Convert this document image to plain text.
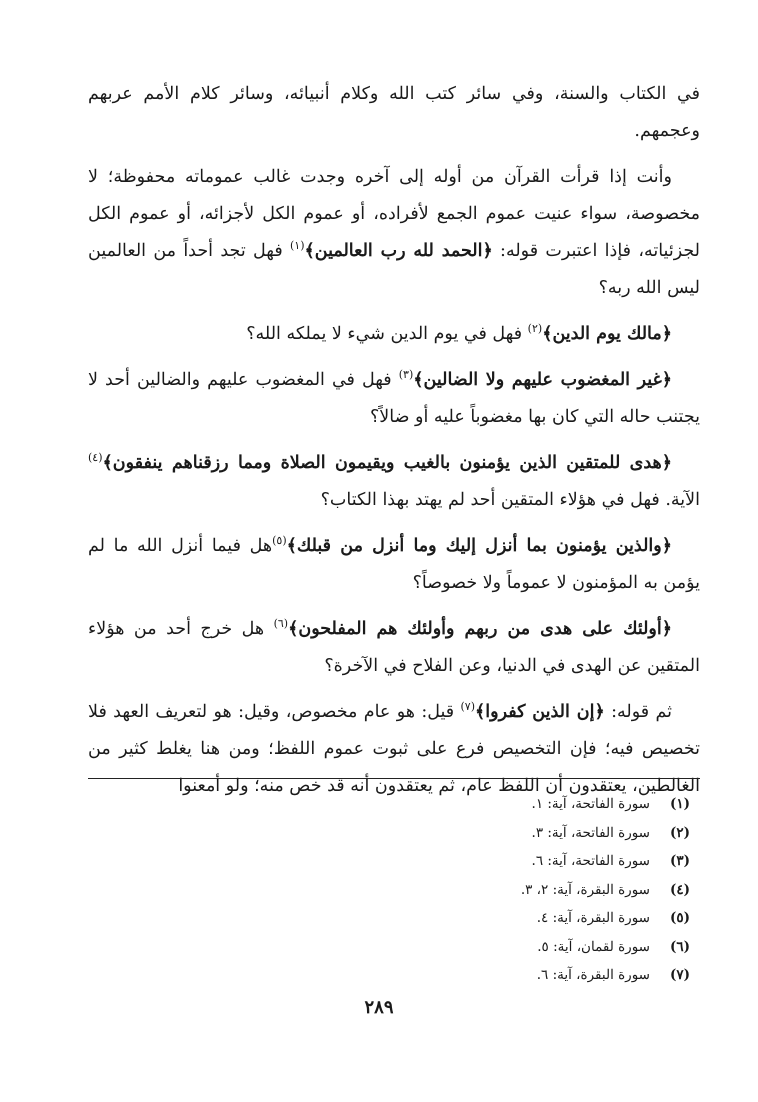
في الكتاب والسنة، وفي سائر كتب الله وكلام أنبيائه، وسائر كلام الأمم عربهم وعجمهم.

وأنت إذا قرأت القرآن من أوله إلى آخره وجدت غالب عموماته محفوظة؛ لا مخصوصة، سواء عنيت عموم الجمع لأفراده، أو عموم الكل لأجزائه، أو عموم الكل لجزئياته، فإذا اعتبرت قوله: ﴿الحمد لله رب العالمين﴾$^{(١)}$ فهل تجد أحداً من العالمين ليس الله ربه؟

﴿مالك يوم الدين﴾$^{(٢)}$ فهل في يوم الدين شيء لا يملكه الله؟

﴿غير المغضوب عليهم ولا الضالين﴾$^{(٣)}$ فهل في المغضوب عليهم والضالين أحد لا يجتنب حاله التي كان بها مغضوباً عليه أو ضالاً؟

﴿هدى للمتقين الذين يؤمنون بالغيب ويقيمون الصلاة ومما رزقناهم ينفقون﴾$^{(٤)}$ الآية. فهل في هؤلاء المتقين أحد لم يهتد بهذا الكتاب؟

﴿والذين يؤمنون بما أنزل إليك وما أنزل من قبلك﴾$^{(٥)}$هل فيما أنزل الله ما لم يؤمن به المؤمنون لا عموماً ولا خصوصاً؟

﴿أولئك على هدى من ربهم وأولئك هم المفلحون﴾$^{(٦)}$ هل خرج أحد من هؤلاء المتقين عن الهدى في الدنيا، وعن الفلاح في الآخرة؟

ثم قوله: ﴿إن الذين كفروا﴾$^{(٧)}$ قيل: هو عام مخصوص، وقيل: هو لتعريف العهد فلا تخصيص فيه؛ فإن التخصيص فرع على ثبوت عموم اللفظ؛ ومن هنا يغلط كثير من الغالطين، يعتقدون أن اللفظ عام، ثم يعتقدون أنه قد خص منه؛ ولو أمعنوا

(١)
سورة الفاتحة، آية: ١.
(٢)
سورة الفاتحة، آية: ٣.
(٣)
سورة الفاتحة، آية: ٦.
(٤)
سورة البقرة، آية: ٢، ٣.
(٥)
سورة البقرة، آية: ٤.
(٦)
سورة لقمان، آية: ٥.
(٧)
سورة البقرة، آية: ٦.
٢٨٩
